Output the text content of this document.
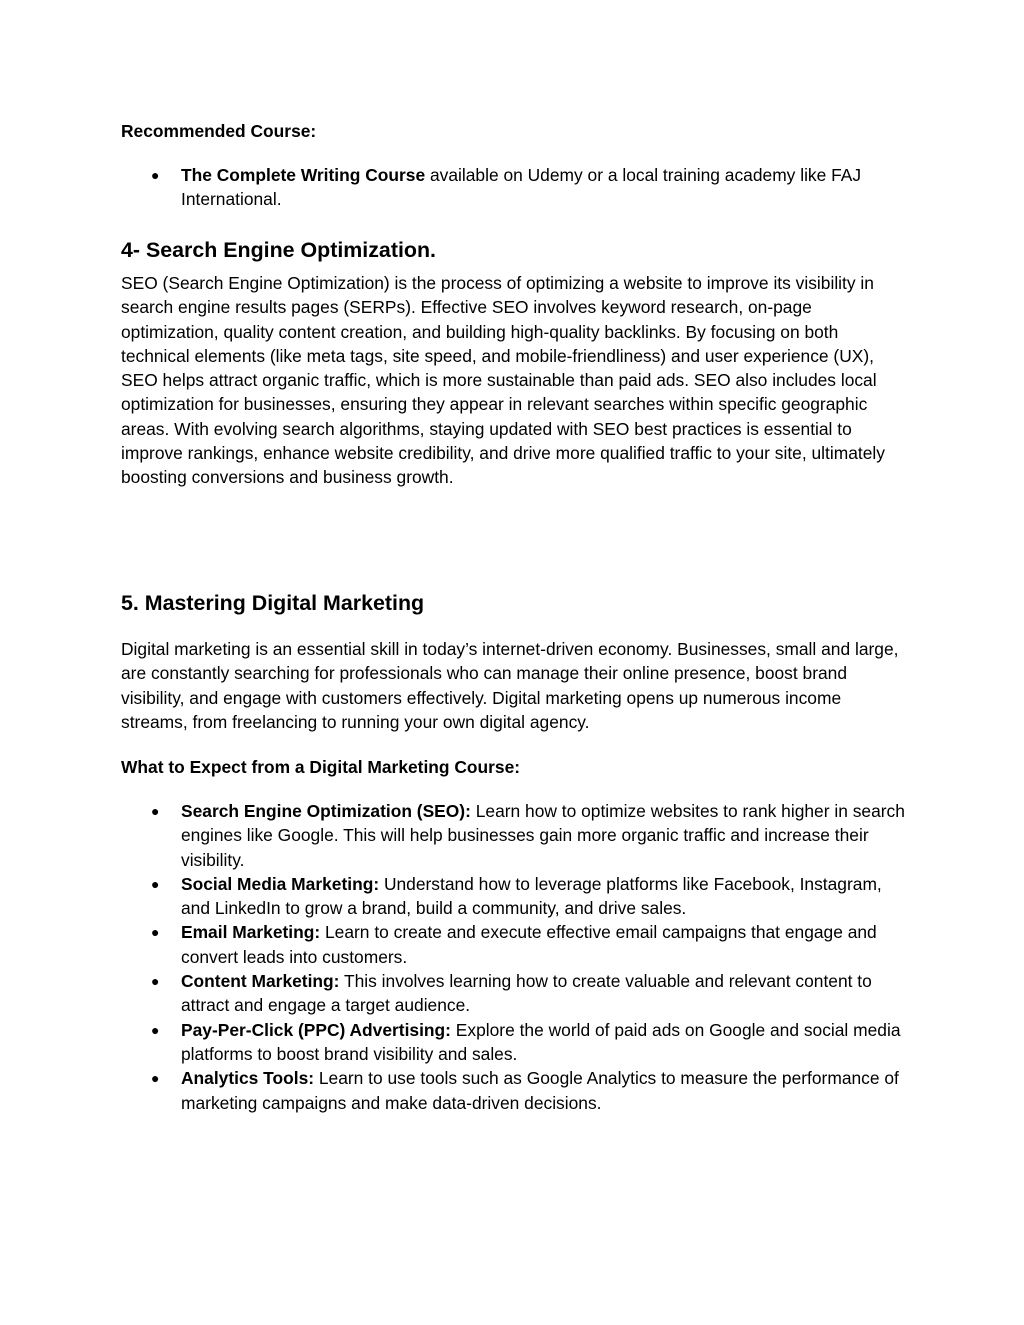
Recommended Course:

● The Complete Writing Course available on Udemy or a local training academy like FAJ International.
4- Search Engine Optimization.

SEO (Search Engine Optimization) is the process of optimizing a website to improve its visibility in search engine results pages (SERPs). Effective SEO involves keyword research, on-page optimization, quality content creation, and building high-quality backlinks. By focusing on both technical elements (like meta tags, site speed, and mobile-friendliness) and user experience (UX), SEO helps attract organic traffic, which is more sustainable than paid ads. SEO also includes local optimization for businesses, ensuring they appear in relevant searches within specific geographic areas. With evolving search algorithms, staying updated with SEO best practices is essential to improve rankings, enhance website credibility, and drive more qualified traffic to your site, ultimately boosting conversions and business growth.

5. Mastering Digital Marketing

Digital marketing is an essential skill in today’s internet-driven economy. Businesses, small and large, are constantly searching for professionals who can manage their online presence, boost brand visibility, and engage with customers effectively. Digital marketing opens up numerous income streams, from freelancing to running your own digital agency.

What to Expect from a Digital Marketing Course:

● Search Engine Optimization (SEO): Learn how to optimize websites to rank higher in search engines like Google. This will help businesses gain more organic traffic and increase their visibility.
● Social Media Marketing: Understand how to leverage platforms like Facebook, Instagram, and LinkedIn to grow a brand, build a community, and drive sales.
● Email Marketing: Learn to create and execute effective email campaigns that engage and convert leads into customers.
● Content Marketing: This involves learning how to create valuable and relevant content to attract and engage a target audience.
● Pay-Per-Click (PPC) Advertising: Explore the world of paid ads on Google and social media platforms to boost brand visibility and sales.
● Analytics Tools: Learn to use tools such as Google Analytics to measure the performance of marketing campaigns and make data-driven decisions.
